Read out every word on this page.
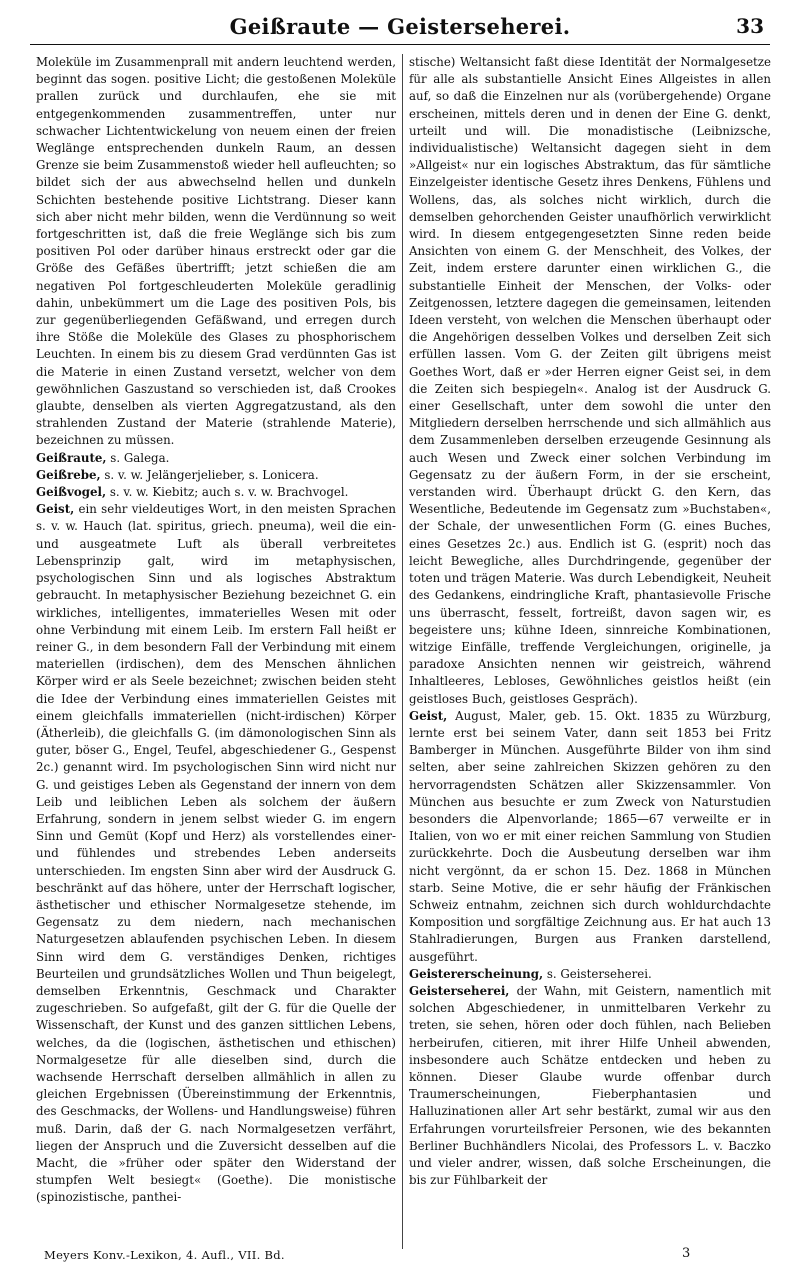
Geißraute — Geisterseherei.	33

Moleküle im Zusammenprall mit andern leuchtend werden, beginnt das sogen. positive Licht; die gestoßenen Moleküle prallen zurück und durchlaufen, ehe sie mit entgegenkommenden zusammentreffen, unter nur schwacher Lichtentwickelung von neuem einen der freien Weglänge entsprechenden dunkeln Raum, an dessen Grenze sie beim Zusammenstoß wieder hell aufleuchten; so bildet sich der aus abwechselnd hellen und dunkeln Schichten bestehende positive Lichtstrang. Dieser kann sich aber nicht mehr bilden, wenn die Verdünnung so weit fortgeschritten ist, daß die freie Weglänge sich bis zum positiven Pol oder darüber hinaus erstreckt oder gar die Größe des Gefäßes übertrifft; jetzt schießen die am negativen Pol fortgeschleuderten Moleküle geradlinig dahin, unbekümmert um die Lage des positiven Pols, bis zur gegenüberliegenden Gefäßwand, und erregen durch ihre Stöße die Moleküle des Glases zu phosphorischem Leuchten. In einem bis zu diesem Grad verdünnten Gas ist die Materie in einen Zustand versetzt, welcher von dem gewöhnlichen Gaszustand so verschieden ist, daß Crookes glaubte, denselben als vierten Aggregatzustand, als den strahlenden Zustand der Materie (strahlende Materie), bezeichnen zu müssen.

Geißraute, s. Galega.

Geißrebe, s. v. w. Jelängerjelieber, s. Lonicera.

Geißvogel, s. v. w. Kiebitz; auch s. v. w. Brachvogel.

Geist, ein sehr vieldeutiges Wort, in den meisten Sprachen s. v. w. Hauch (lat. spiritus, griech. pneuma), weil die ein- und ausgeatmete Luft als überall verbreitetes Lebensprinzip galt, wird im metaphysischen, psychologischen Sinn und als logisches Abstraktum gebraucht. In metaphysischer Beziehung bezeichnet G. ein wirkliches, intelligentes, immaterielles Wesen mit oder ohne Verbindung mit einem Leib. Im erstern Fall heißt er reiner G., in dem besondern Fall der Verbindung mit einem materiellen (irdischen), dem des Menschen ähnlichen Körper wird er als Seele bezeichnet; zwischen beiden steht die Idee der Verbindung eines immateriellen Geistes mit einem gleichfalls immateriellen (nicht-irdischen) Körper (Ätherleib), die gleichfalls G. (im dämonologischen Sinn als guter, böser G., Engel, Teufel, abgeschiedener G., Gespenst 2c.) genannt wird. Im psychologischen Sinn wird nicht nur G. und geistiges Leben als Gegenstand der innern von dem Leib und leiblichen Leben als solchem der äußern Erfahrung, sondern in jenem selbst wieder G. im engern Sinn und Gemüt (Kopf und Herz) als vorstellendes einer- und fühlendes und strebendes Leben anderseits unterschieden. Im engsten Sinn aber wird der Ausdruck G. beschränkt auf das höhere, unter der Herrschaft logischer, ästhetischer und ethischer Normalgesetze stehende, im Gegensatz zu dem niedern, nach mechanischen Naturgesetzen ablaufenden psychischen Leben. In diesem Sinn wird dem G. verständiges Denken, richtiges Beurteilen und grundsätzliches Wollen und Thun beigelegt, demselben Erkenntnis, Geschmack und Charakter zugeschrieben. So aufgefaßt, gilt der G. für die Quelle der Wissenschaft, der Kunst und des ganzen sittlichen Lebens, welches, da die (logischen, ästhetischen und ethischen) Normalgesetze für alle dieselben sind, durch die wachsende Herrschaft derselben allmählich in allen zu gleichen Ergebnissen (Übereinstimmung der Erkenntnis, des Geschmacks, der Wollens- und Handlungsweise) führen muß. Darin, daß der G. nach Normalgesetzen verfährt, liegen der Anspruch und die Zuversicht desselben auf die Macht, die »früher oder später den Widerstand der stumpfen Welt besiegt« (Goethe). Die monistische (spinozistische, panthei-

stische) Weltansicht faßt diese Identität der Normalgesetze für alle als substantielle Ansicht Eines Allgeistes in allen auf, so daß die Einzelnen nur als (vorübergehende) Organe erscheinen, mittels deren und in denen der Eine G. denkt, urteilt und will. Die monadistische (Leibnizsche, individualistische) Weltansicht dagegen sieht in dem »Allgeist« nur ein logisches Abstraktum, das für sämtliche Einzelgeister identische Gesetz ihres Denkens, Fühlens und Wollens, das, als solches nicht wirklich, durch die demselben gehorchenden Geister unaufhörlich verwirklicht wird. In diesem entgegengesetzten Sinne reden beide Ansichten von einem G. der Menschheit, des Volkes, der Zeit, indem erstere darunter einen wirklichen G., die substantielle Einheit der Menschen, der Volks- oder Zeitgenossen, letztere dagegen die gemeinsamen, leitenden Ideen versteht, von welchen die Menschen überhaupt oder die Angehörigen desselben Volkes und derselben Zeit sich erfüllen lassen. Vom G. der Zeiten gilt übrigens meist Goethes Wort, daß er »der Herren eigner Geist sei, in dem die Zeiten sich bespiegeln«. Analog ist der Ausdruck G. einer Gesellschaft, unter dem sowohl die unter den Mitgliedern derselben herrschende und sich allmählich aus dem Zusammenleben derselben erzeugende Gesinnung als auch Wesen und Zweck einer solchen Verbindung im Gegensatz zu der äußern Form, in der sie erscheint, verstanden wird. Überhaupt drückt G. den Kern, das Wesentliche, Bedeutende im Gegensatz zum »Buchstaben«, der Schale, der unwesentlichen Form (G. eines Buches, eines Gesetzes 2c.) aus. Endlich ist G. (esprit) noch das leicht Bewegliche, alles Durchdringende, gegenüber der toten und trägen Materie. Was durch Lebendigkeit, Neuheit des Gedankens, eindringliche Kraft, phantasievolle Frische uns überrascht, fesselt, fortreißt, davon sagen wir, es begeistere uns; kühne Ideen, sinnreiche Kombinationen, witzige Einfälle, treffende Vergleichungen, originelle, ja paradoxe Ansichten nennen wir geistreich, während Inhaltleeres, Lebloses, Gewöhnliches geistlos heißt (ein geistloses Buch, geistloses Gespräch).

Geist, August, Maler, geb. 15. Okt. 1835 zu Würzburg, lernte erst bei seinem Vater, dann seit 1853 bei Fritz Bamberger in München. Ausgeführte Bilder von ihm sind selten, aber seine zahlreichen Skizzen gehören zu den hervorragendsten Schätzen aller Skizzensammler. Von München aus besuchte er zum Zweck von Naturstudien besonders die Alpenvorlande; 1865—67 verweilte er in Italien, von wo er mit einer reichen Sammlung von Studien zurückkehrte. Doch die Ausbeutung derselben war ihm nicht vergönnt, da er schon 15. Dez. 1868 in München starb. Seine Motive, die er sehr häufig der Fränkischen Schweiz entnahm, zeichnen sich durch wohldurchdachte Komposition und sorgfältige Zeichnung aus. Er hat auch 13 Stahlradierungen, Burgen aus Franken darstellend, ausgeführt.

Geistererscheinung, s. Geisterseherei.

Geisterseherei, der Wahn, mit Geistern, namentlich mit solchen Abgeschiedener, in unmittelbaren Verkehr zu treten, sie sehen, hören oder doch fühlen, nach Belieben herbeirufen, citieren, mit ihrer Hilfe Unheil abwenden, insbesondere auch Schätze entdecken und heben zu können. Dieser Glaube wurde offenbar durch Traumerscheinungen, Fieberphantasien und Halluzinationen aller Art sehr bestärkt, zumal wir aus den Erfahrungen vorurteilsfreier Personen, wie des bekannten Berliner Buchhändlers Nicolai, des Professors L. v. Baczko und vieler andrer, wissen, daß solche Erscheinungen, die bis zur Fühlbarkeit der

Meyers Konv.-Lexikon, 4. Aufl., VII. Bd.	3
